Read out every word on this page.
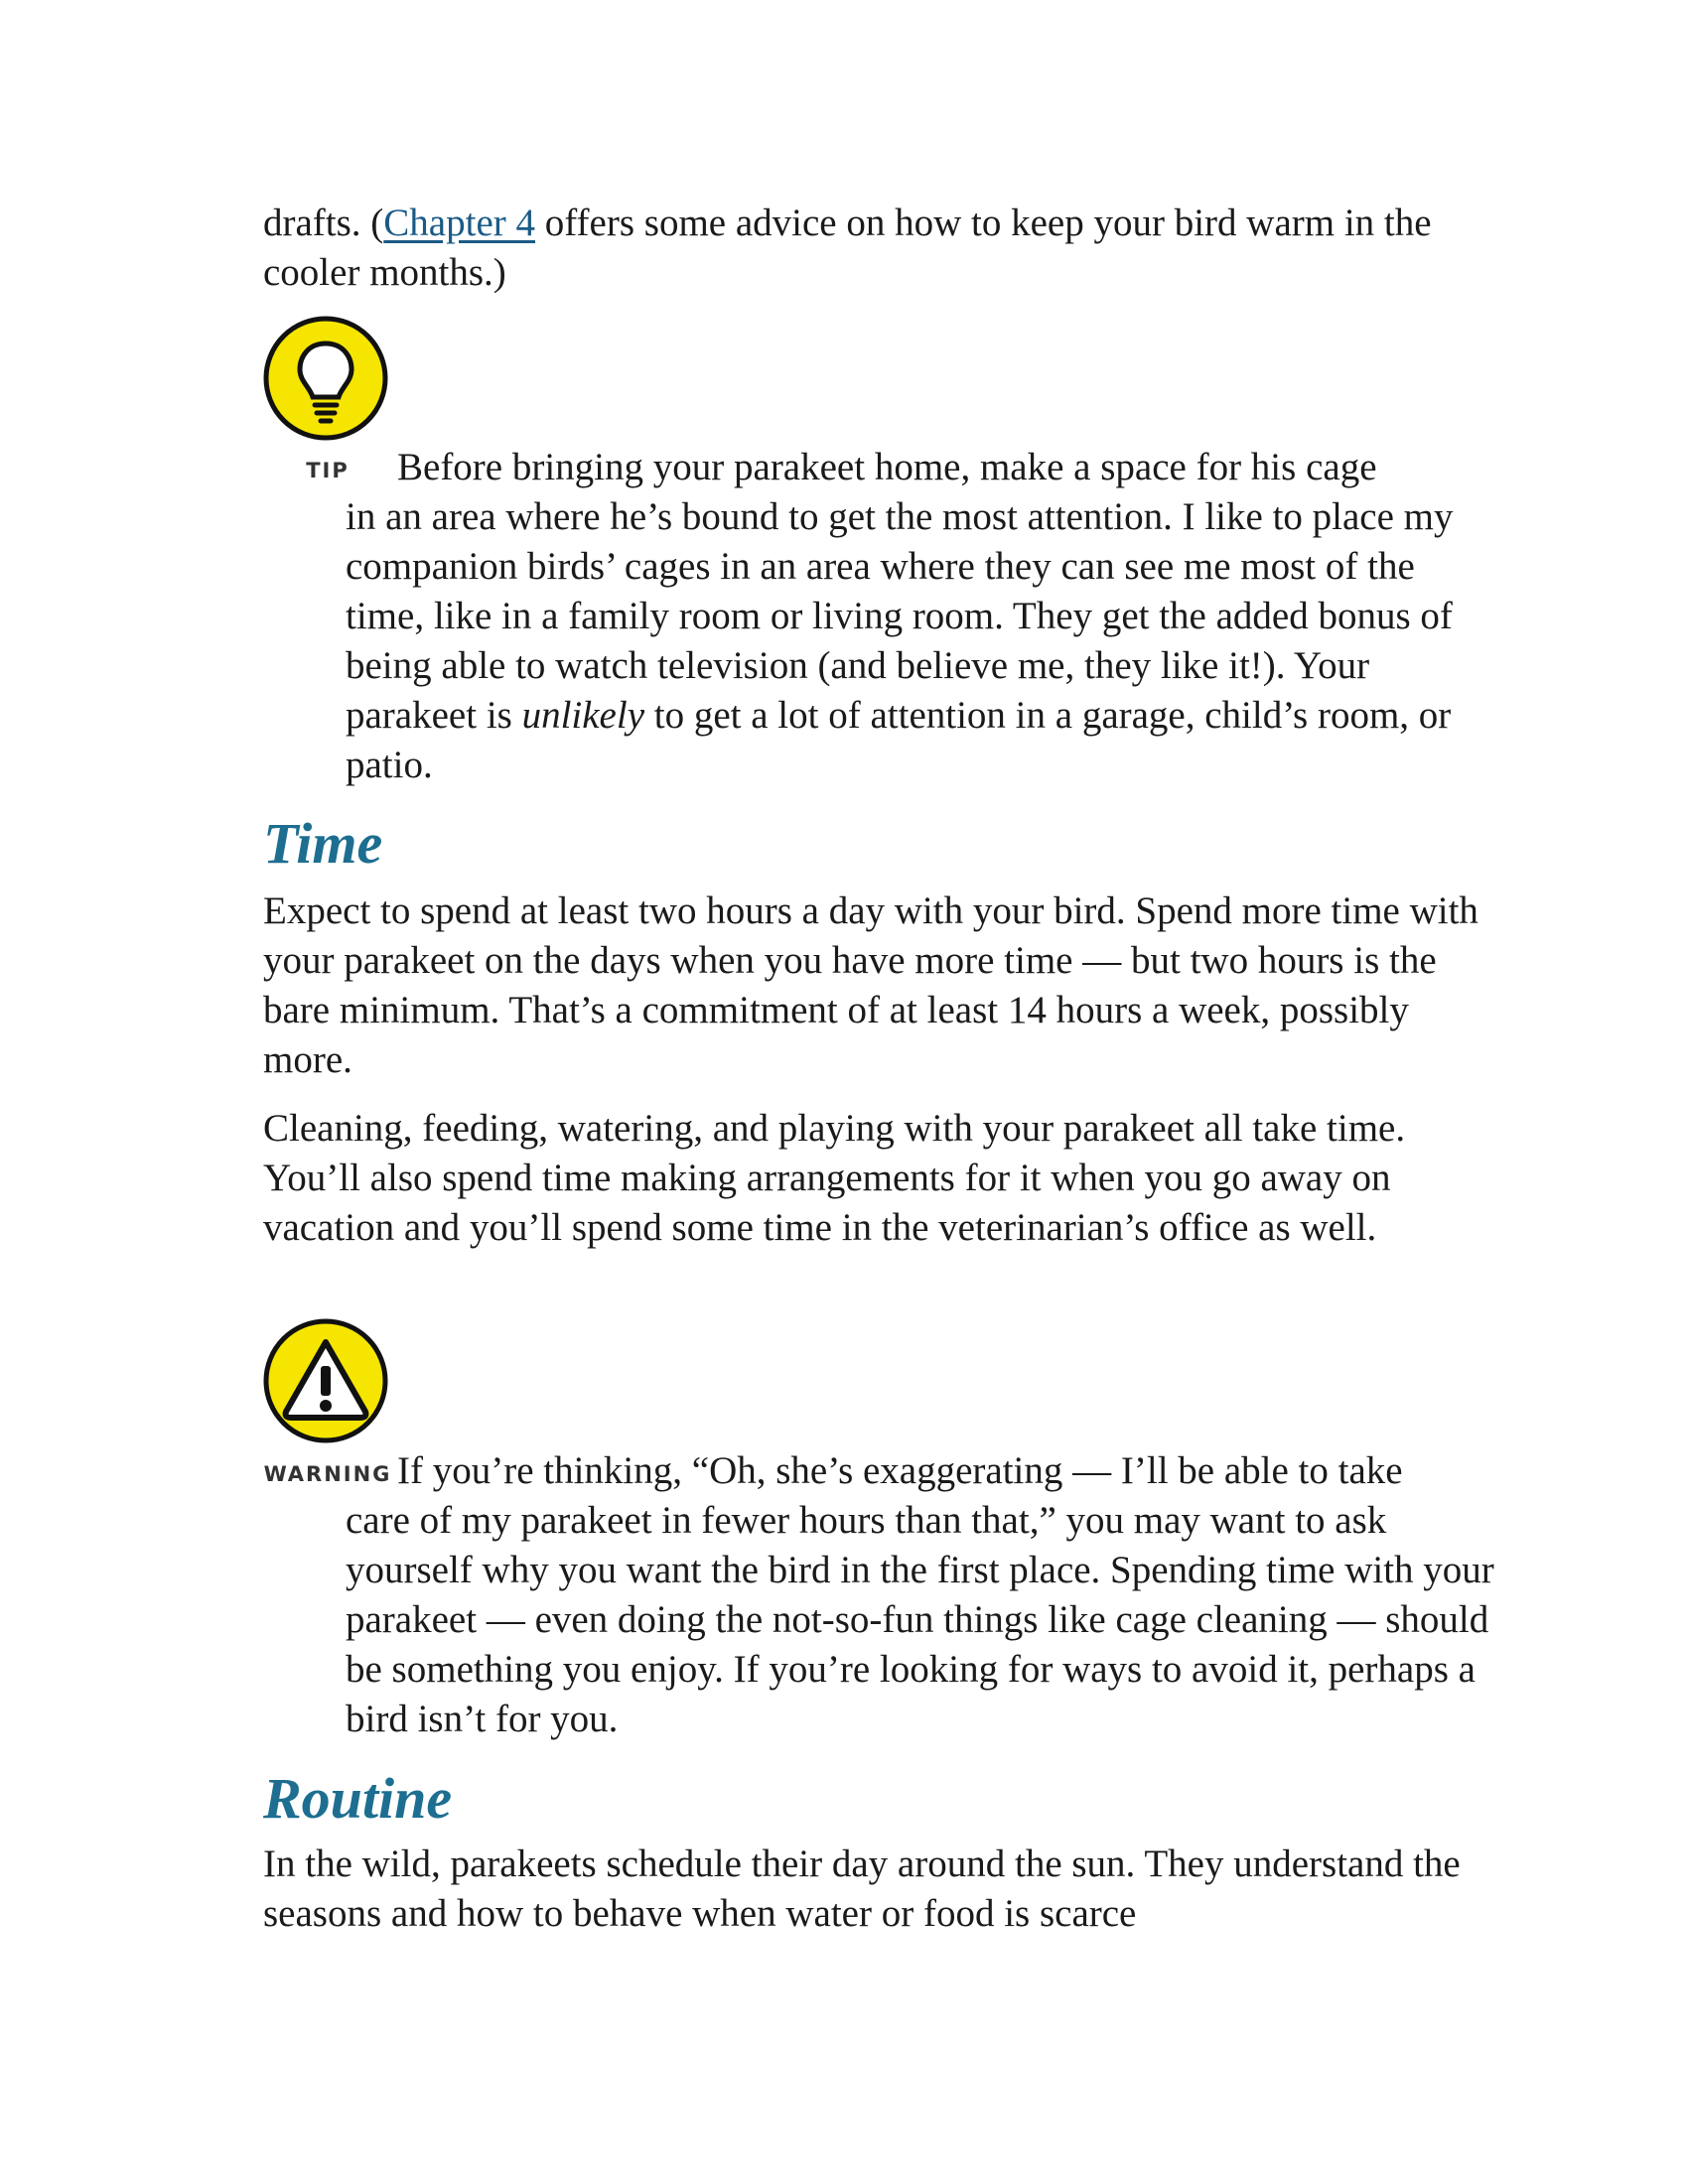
drafts. (Chapter 4 offers some advice on how to keep your bird warm in the cooler months.)

TIP	Before bringing your parakeet home, make a space for his cage

in an area where he’s bound to get the most attention. I like to place my companion birds’ cages in an area where they can see me most of the time, like in a family room or living room. They get the added bonus of being able to watch television (and believe me, they like it!). Your parakeet is unlikely to get a lot of attention in a garage, child’s room, or patio.

Time

Expect to spend at least two hours a day with your bird. Spend more time with your parakeet on the days when you have more time — but two hours is the bare minimum. That’s a commitment of at least 14 hours a week, possibly more.

Cleaning, feeding, watering, and playing with your parakeet all take time. You’ll also spend time making arrangements for it when you go away on vacation and you’ll spend some time in the veterinarian’s office as well.

WARNING If you’re thinking, “Oh, she’s exaggerating — I’ll be able to take

care of my parakeet in fewer hours than that,” you may want to ask yourself why you want the bird in the first place. Spending time with your parakeet — even doing the not-so-fun things like cage cleaning — should be something you enjoy. If you’re looking for ways to avoid it, perhaps a bird isn’t for you.

Routine

In the wild, parakeets schedule their day around the sun. They understand the seasons and how to behave when water or food is scarce
